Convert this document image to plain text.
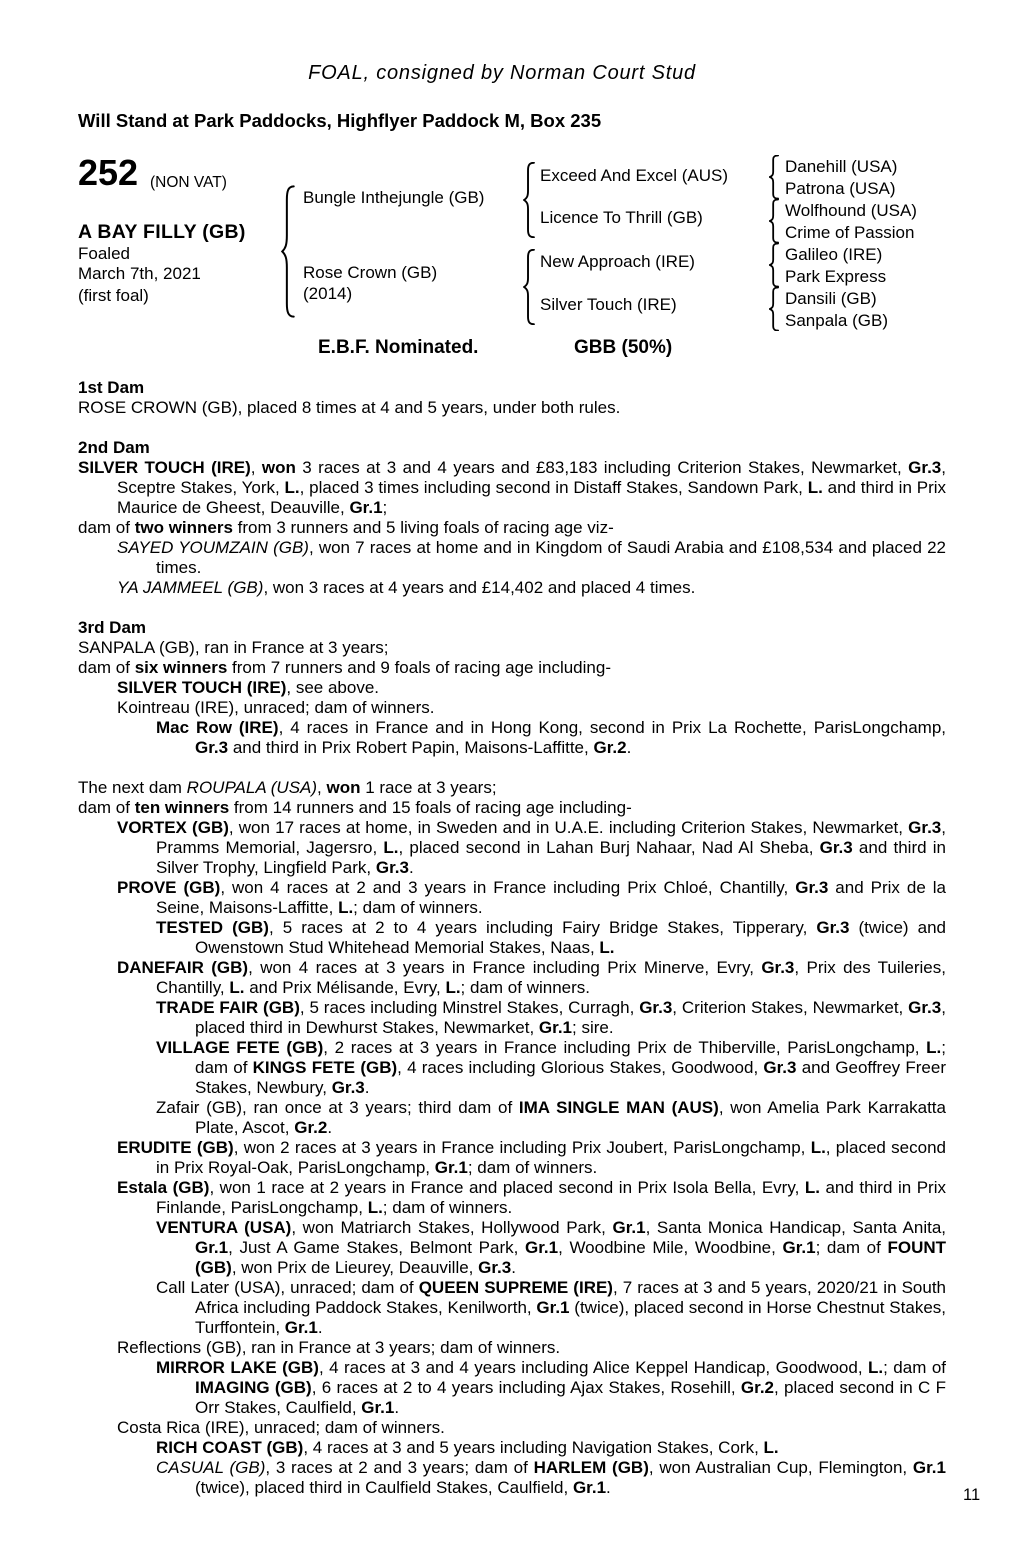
FOAL, consigned by Norman Court Stud
Will Stand at Park Paddocks, Highflyer Paddock M, Box 235
252 (NON VAT)
A BAY FILLY (GB)
Foaled
March 7th, 2021
(first foal)
Bungle Inthejungle (GB)
Rose Crown (GB)
(2014)
Exceed And Excel (AUS)
Licence To Thrill (GB)
New Approach (IRE)
Silver Touch (IRE)
Danehill (USA)
Patrona (USA)
Wolfhound (USA)
Crime of Passion
Galileo (IRE)
Park Express
Dansili (GB)
Sanpala (GB)
E.B.F. Nominated.	GBB (50%)
1st Dam
ROSE CROWN (GB), placed 8 times at 4 and 5 years, under both rules.
2nd Dam
SILVER TOUCH (IRE), won 3 races at 3 and 4 years and £83,183 including Criterion Stakes, Newmarket, Gr.3, Sceptre Stakes, York, L., placed 3 times including second in Distaff Stakes, Sandown Park, L. and third in Prix Maurice de Gheest, Deauville, Gr.1;
dam of two winners from 3 runners and 5 living foals of racing age viz-
SAYED YOUMZAIN (GB), won 7 races at home and in Kingdom of Saudi Arabia and £108,534 and placed 22 times.
YA JAMMEEL (GB), won 3 races at 4 years and £14,402 and placed 4 times.
3rd Dam
SANPALA (GB), ran in France at 3 years;
dam of six winners from 7 runners and 9 foals of racing age including-
SILVER TOUCH (IRE), see above.
Kointreau (IRE), unraced; dam of winners.
Mac Row (IRE), 4 races in France and in Hong Kong, second in Prix La Rochette, ParisLongchamp, Gr.3 and third in Prix Robert Papin, Maisons-Laffitte, Gr.2.
The next dam ROUPALA (USA), won 1 race at 3 years;
dam of ten winners from 14 runners and 15 foals of racing age including-
VORTEX (GB), won 17 races at home, in Sweden and in U.A.E. including Criterion Stakes, Newmarket, Gr.3, Pramms Memorial, Jagersro, L., placed second in Lahan Burj Nahaar, Nad Al Sheba, Gr.3 and third in Silver Trophy, Lingfield Park, Gr.3.
PROVE (GB), won 4 races at 2 and 3 years in France including Prix Chloé, Chantilly, Gr.3 and Prix de la Seine, Maisons-Laffitte, L.; dam of winners.
TESTED (GB), 5 races at 2 to 4 years including Fairy Bridge Stakes, Tipperary, Gr.3 (twice) and Owenstown Stud Whitehead Memorial Stakes, Naas, L.
DANEFAIR (GB), won 4 races at 3 years in France including Prix Minerve, Evry, Gr.3, Prix des Tuileries, Chantilly, L. and Prix Mélisande, Evry, L.; dam of winners.
TRADE FAIR (GB), 5 races including Minstrel Stakes, Curragh, Gr.3, Criterion Stakes, Newmarket, Gr.3, placed third in Dewhurst Stakes, Newmarket, Gr.1; sire.
VILLAGE FETE (GB), 2 races at 3 years in France including Prix de Thiberville, ParisLongchamp, L.; dam of KINGS FETE (GB), 4 races including Glorious Stakes, Goodwood, Gr.3 and Geoffrey Freer Stakes, Newbury, Gr.3.
Zafair (GB), ran once at 3 years; third dam of IMA SINGLE MAN (AUS), won Amelia Park Karrakatta Plate, Ascot, Gr.2.
ERUDITE (GB), won 2 races at 3 years in France including Prix Joubert, ParisLongchamp, L., placed second in Prix Royal-Oak, ParisLongchamp, Gr.1; dam of winners.
Estala (GB), won 1 race at 2 years in France and placed second in Prix Isola Bella, Evry, L. and third in Prix Finlande, ParisLongchamp, L.; dam of winners.
VENTURA (USA), won Matriarch Stakes, Hollywood Park, Gr.1, Santa Monica Handicap, Santa Anita, Gr.1, Just A Game Stakes, Belmont Park, Gr.1, Woodbine Mile, Woodbine, Gr.1; dam of FOUNT (GB), won Prix de Lieurey, Deauville, Gr.3.
Call Later (USA), unraced; dam of QUEEN SUPREME (IRE), 7 races at 3 and 5 years, 2020/21 in South Africa including Paddock Stakes, Kenilworth, Gr.1 (twice), placed second in Horse Chestnut Stakes, Turffontein, Gr.1.
Reflections (GB), ran in France at 3 years; dam of winners.
MIRROR LAKE (GB), 4 races at 3 and 4 years including Alice Keppel Handicap, Goodwood, L.; dam of IMAGING (GB), 6 races at 2 to 4 years including Ajax Stakes, Rosehill, Gr.2, placed second in C F Orr Stakes, Caulfield, Gr.1.
Costa Rica (IRE), unraced; dam of winners.
RICH COAST (GB), 4 races at 3 and 5 years including Navigation Stakes, Cork, L.
CASUAL (GB), 3 races at 2 and 3 years; dam of HARLEM (GB), won Australian Cup, Flemington, Gr.1 (twice), placed third in Caulfield Stakes, Caulfield, Gr.1.	11
